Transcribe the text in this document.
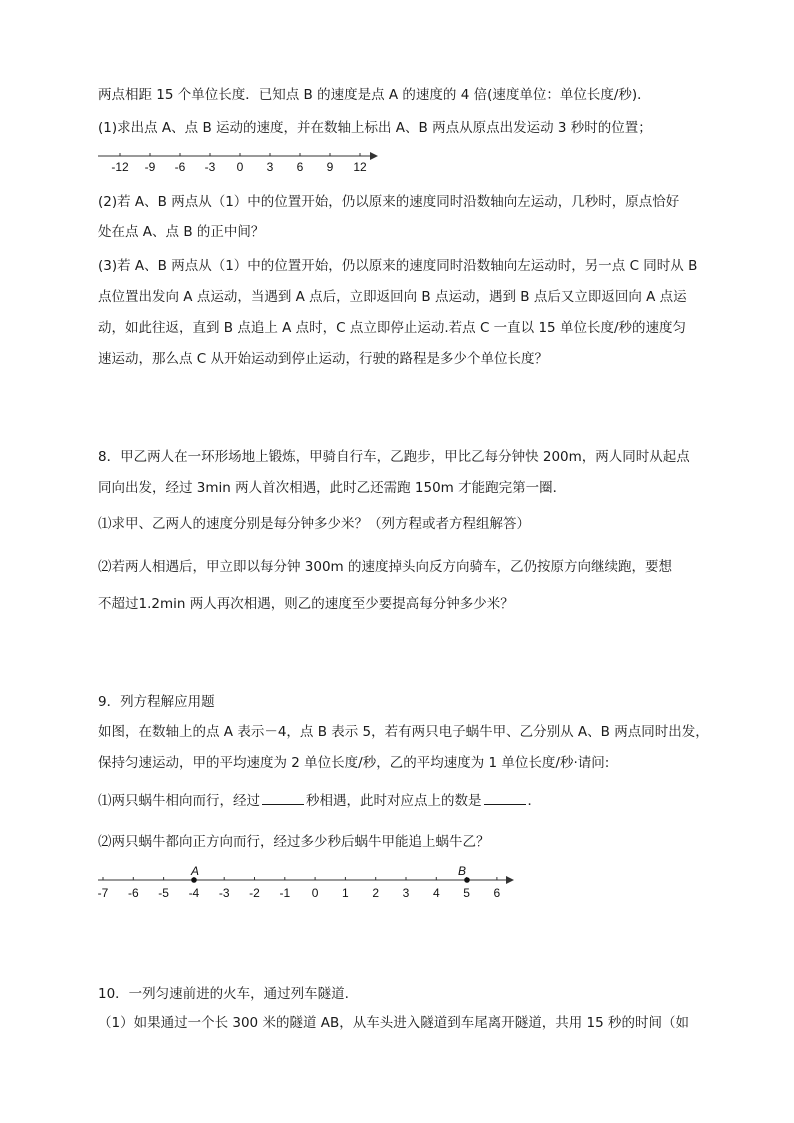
两点相距 15 个单位长度．已知点 B 的速度是点 A 的速度的 4 倍(速度单位：单位长度/秒)．
(1)求出点 A、点 B 运动的速度，并在数轴上标出 A、B 两点从原点出发运动 3 秒时的位置；
-12 -9 -6 -3 0 3 6 9 12
(2)若 A、B 两点从（1）中的位置开始，仍以原来的速度同时沿数轴向左运动，几秒时，原点恰好
处在点 A、点 B 的正中间？
(3)若 A、B 两点从（1）中的位置开始，仍以原来的速度同时沿数轴向左运动时，另一点 C 同时从 B
点位置出发向 A 点运动，当遇到 A 点后，立即返回向 B 点运动，遇到 B 点后又立即返回向 A 点运
动，如此往返，直到 B 点追上 A 点时，C 点立即停止运动.若点 C 一直以 15 单位长度/秒的速度匀
速运动，那么点 C 从开始运动到停止运动，行驶的路程是多少个单位长度？
8．甲乙两人在一环形场地上锻炼，甲骑自行车，乙跑步，甲比乙每分钟快 200m，两人同时从起点
同向出发，经过 3min 两人首次相遇，此时乙还需跑 150m 才能跑完第一圈．
⑴求甲、乙两人的速度分别是每分钟多少米？（列方程或者方程组解答）
⑵若两人相遇后，甲立即以每分钟 300m 的速度掉头向反方向骑车，乙仍按原方向继续跑，要想
不超过1.2min 两人再次相遇，则乙的速度至少要提高每分钟多少米？
9．列方程解应用题
如图，在数轴上的点 A 表示－4，点 B 表示 5，若有两只电子蜗牛甲、乙分别从 A、B 两点同时出发，
保持匀速运动，甲的平均速度为 2 单位长度/秒，乙的平均速度为 1 单位长度/秒·请问:
⑴两只蜗牛相向而行，经过	秒相遇，此时对应点上的数是	．
⑵两只蜗牛都向正方向而行，经过多少秒后蜗牛甲能追上蜗牛乙？
-7 -6 -5 -4 -3 -2 -1 0 1 2 3 4 5 6
A	B
10．一列匀速前进的火车，通过列车隧道.
（1）如果通过一个长 300 米的隧道 AB，从车头进入隧道到车尾离开隧道，共用 15 秒的时间（如
